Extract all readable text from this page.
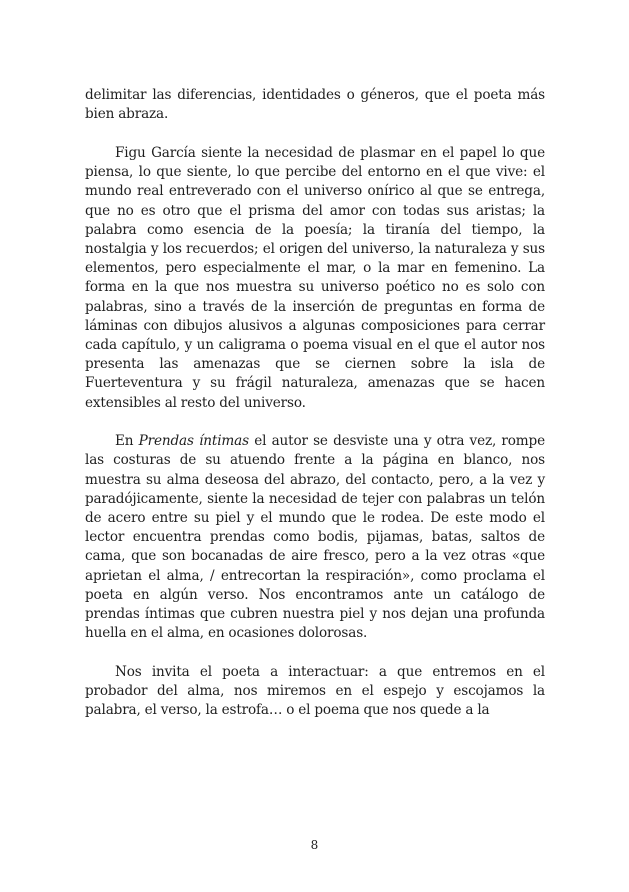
delimitar las diferencias, identidades o géneros, que el poeta más bien abraza.

Figu García siente la necesidad de plasmar en el papel lo que piensa, lo que siente, lo que percibe del entorno en el que vive: el mundo real entreverado con el universo onírico al que se entrega, que no es otro que el prisma del amor con todas sus aristas; la palabra como esencia de la poesía; la tiranía del tiempo, la nostalgia y los recuerdos; el origen del universo, la naturaleza y sus elementos, pero especialmente el mar, o la mar en femenino. La forma en la que nos muestra su universo poético no es solo con palabras, sino a través de la inserción de preguntas en forma de láminas con dibujos alusivos a algunas composiciones para cerrar cada capítulo, y un caligrama o poema visual en el que el autor nos presenta las amenazas que se ciernen sobre la isla de Fuerteventura y su frágil naturaleza, amenazas que se hacen extensibles al resto del universo.

En Prendas íntimas el autor se desviste una y otra vez, rompe las costuras de su atuendo frente a la página en blanco, nos muestra su alma deseosa del abrazo, del contacto, pero, a la vez y paradójicamente, siente la necesidad de tejer con palabras un telón de acero entre su piel y el mundo que le rodea. De este modo el lector encuentra prendas como bodis, pijamas, batas, saltos de cama, que son bocanadas de aire fresco, pero a la vez otras «que aprietan el alma, / entrecortan la respiración», como proclama el poeta en algún verso. Nos encontramos ante un catálogo de prendas íntimas que cubren nuestra piel y nos dejan una profunda huella en el alma, en ocasiones dolorosas.

Nos invita el poeta a interactuar: a que entremos en el probador del alma, nos miremos en el espejo y escojamos la palabra, el verso, la estrofa… o el poema que nos quede a la

8
